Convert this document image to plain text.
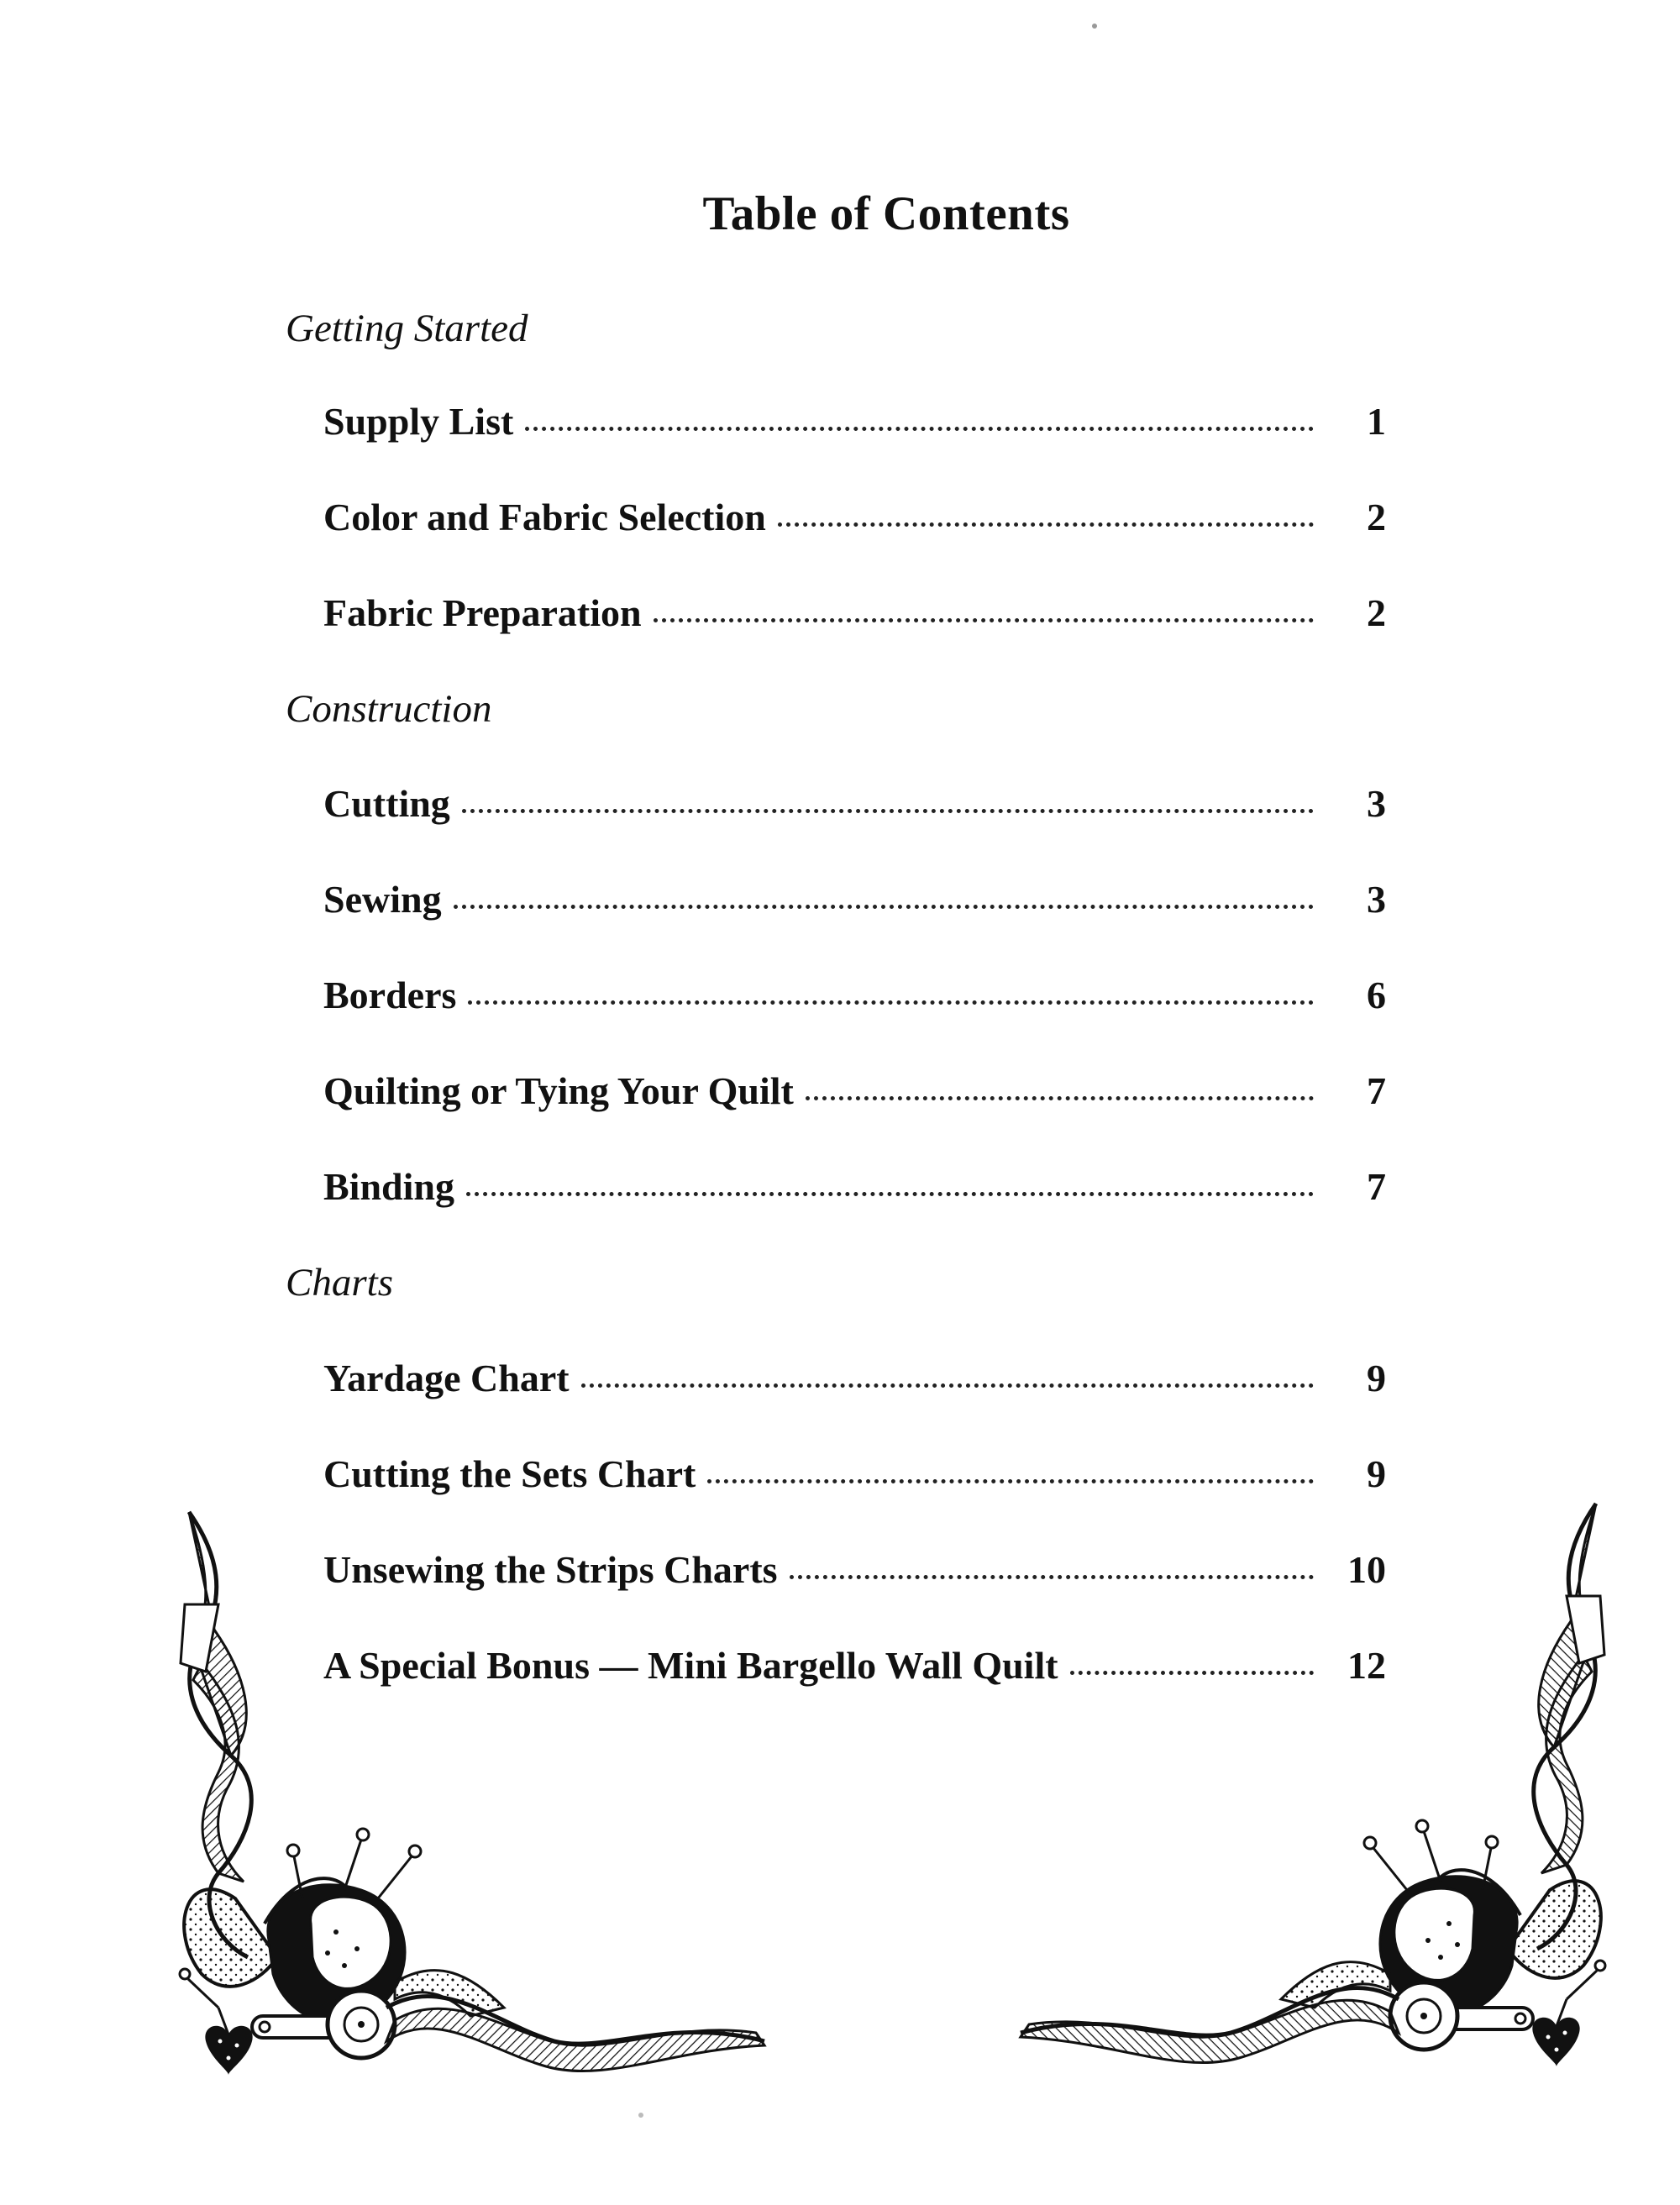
Table of Contents
Getting Started
Supply List	1
Color and Fabric Selection	2
Fabric Preparation	2
Construction
Cutting	3
Sewing	3
Borders	6
Quilting or Tying Your Quilt	7
Binding	7
Charts
Yardage Chart	9
Cutting the Sets Chart	9
Unsewing the Strips Charts	10
A Special Bonus — Mini Bargello Wall Quilt	12
